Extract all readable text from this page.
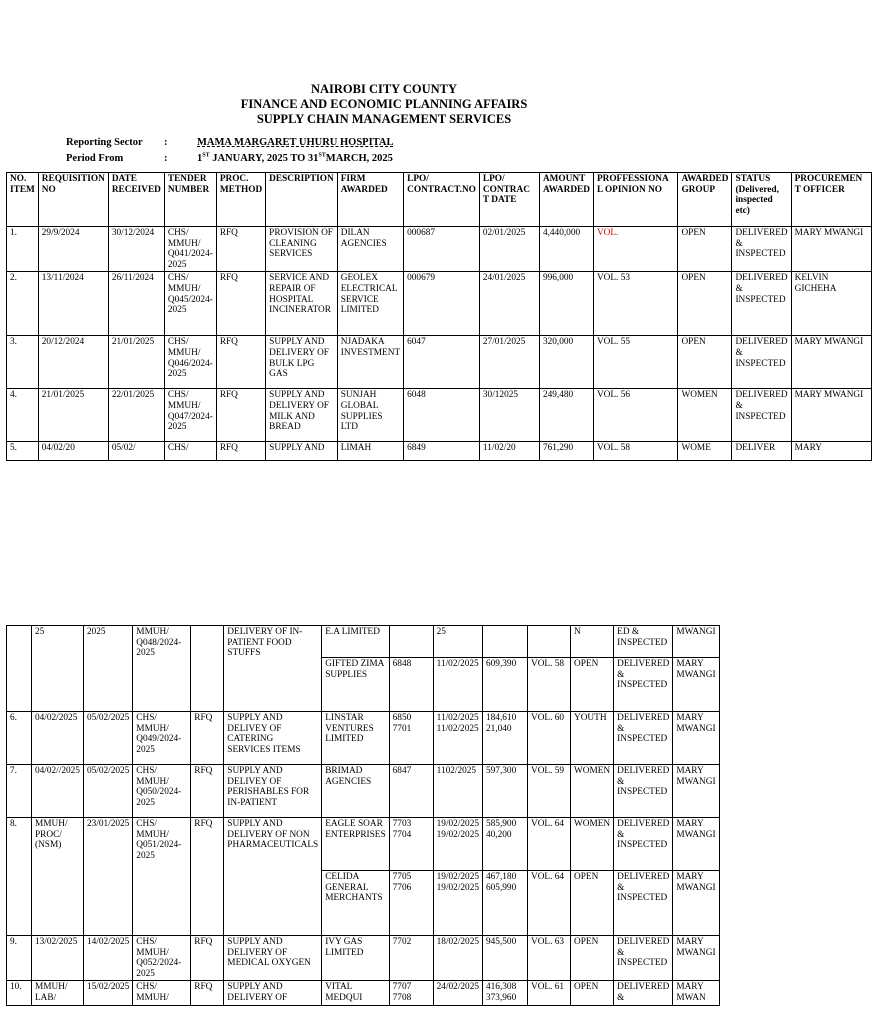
NAIROBI CITY COUNTY
FINANCE AND ECONOMIC PLANNING AFFAIRS
SUPPLY CHAIN MANAGEMENT SERVICES
Reporting Sector :	MAMA MARGARET UHURU HOSPITAL
Period From	:	1ST JANUARY, 2025 TO 31STMARCH, 2025
NO. ITEM	REQUISITION NO	DATE RECEIVED	TENDER NUMBER	PROC. METHOD	DESCRIPTION	FIRM AWARDED	LPO/ CONTRACT.NO	LPO/ CONTRACT DATE	AMOUNT AWARDED	PROFFESSIONAL OPINION NO	AWARDED GROUP	STATUS (Delivered, inspected etc)	PROCUREMENT OFFICER
1.	29/9/2024	30/12/2024	CHS/ MMUH/ Q041/2024-2025	RFQ	PROVISION OF CLEANING SERVICES	DILAN AGENCIES	000687	02/01/2025	4,440,000	VOL.	OPEN	DELIVERED & INSPECTED	MARY MWANGI
2.	13/11/2024	26/11/2024	CHS/ MMUH/ Q045/2024-2025	RFQ	SERVICE AND REPAIR OF HOSPITAL INCINERATOR	GEOLEX ELECTRICAL SERVICE LIMITED	000679	24/01/2025	996,000	VOL. 53	OPEN	DELIVERED & INSPECTED	KELVIN GICHEHA
3.	20/12/2024	21/01/2025	CHS/ MMUH/ Q046/2024-2025	RFQ	SUPPLY AND DELIVERY OF BULK LPG GAS	NJADAKA INVESTMENT	6047	27/01/2025	320,000	VOL. 55	OPEN	DELIVERED & INSPECTED	MARY MWANGI
4.	21/01/2025	22/01/2025	CHS/ MMUH/ Q047/2024-2025	RFQ	SUPPLY AND DELIVERY OF MILK AND BREAD	SUNJAH GLOBAL SUPPLIES LTD	6048	30/12025	249,480	VOL. 56	WOMEN	DELIVERED & INSPECTED	MARY MWANGI
5.	04/02/20	05/02/	CHS/	RFQ	SUPPLY AND	LIMAH	6849	11/02/20	761,290	VOL. 58	WOME	DELIVER	MARY
	25	2025	MMUH/ Q048/2024-2025		DELIVERY OF IN-PATIENT FOOD STUFFS	E.A LIMITED		25			N	ED & INSPECTED	MWANGI
						GIFTED ZIMA SUPPLIES	6848	11/02/2025	609,390	VOL. 58	OPEN	DELIVERED & INSPECTED	MARY MWANGI
6.	04/02/2025	05/02/2025	CHS/ MMUH/ Q049/2024-2025	RFQ	SUPPLY AND DELIVEY OF CATERING SERVICES ITEMS	LINSTAR VENTURES LIMITED	6850 7701	11/02/2025 11/02/2025	184,610 21,040	VOL. 60	YOUTH	DELIVERED & INSPECTED	MARY MWANGI
7.	04/02//2025	05/02/2025	CHS/ MMUH/ Q050/2024-2025	RFQ	SUPPLY AND DELIVEY OF PERISHABLES FOR IN-PATIENT	BRIMAD AGENCIES	6847	1102/2025	597,300	VOL. 59	WOMEN	DELIVERED & INSPECTED	MARY MWANGI
8.	MMUH/ PROC/ (NSM)	23/01/2025	CHS/ MMUH/ Q051/2024-2025	RFQ	SUPPLY AND DELIVERY OF NON PHARMACEUTICALS	EAGLE SOAR ENTERPRISES	7703 7704	19/02/2025 19/02/2025	585,900 40,200	VOL. 64	WOMEN	DELIVERED & INSPECTED	MARY MWANGI
						CELIDA GENERAL MERCHANTS	7705 7706	19/02/2025 19/02/2025	467,180 605,990	VOL. 64	OPEN	DELIVERED & INSPECTED	MARY MWANGI
9.	13/02/2025	14/02/2025	CHS/ MMUH/ Q052/2024-2025	RFQ	SUPPLY AND DELIVERY OF MEDICAL OXYGEN	IVY GAS LIMITED	7702	18/02/2025	945,500	VOL. 63	OPEN	DELIVERED & INSPECTED	MARY MWANGI
10.	MMUH/ LAB/	15/02/2025	CHS/ MMUH/	RFQ	SUPPLY AND DELIVERY OF	VITAL MEDQUI	7707 7708	24/02/2025	416,308 373,960	VOL. 61	OPEN	DELIVERED &	MARY MWAN
